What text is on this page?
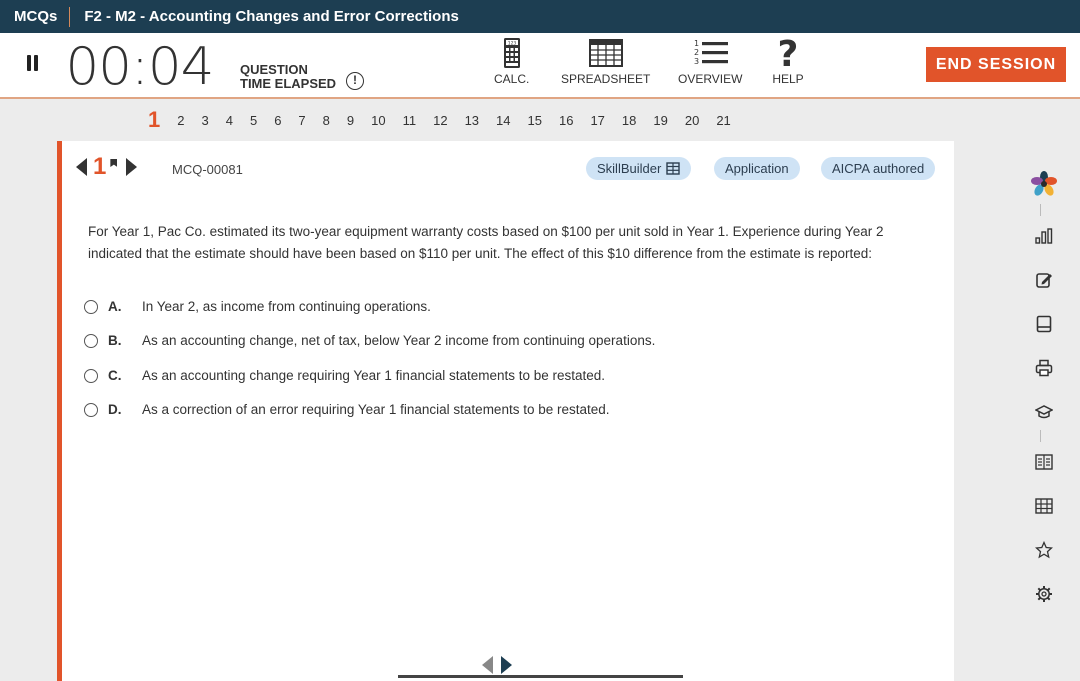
MCQs	F2 - M2 - Accounting Changes and Error Corrections
00:04 QUESTION
TIME ELAPSED	!
123
CALC.	SPREADSHEET
1
2
3
OVERVIEW
?
HELP
END SESSION
1 2 3 4 5 6 7 8 9 10 11 12 13 14 15 16 17 18 19 20 21
1	MCQ-00081	SkillBuilder	Application	AICPA authored
For Year 1, Pac Co. estimated its two-year equipment warranty costs based on $100 per unit sold in Year 1. Experience during Year 2 indicated that the estimate should have been based on $110 per unit. The effect of this $10 difference from the estimate is reported:
A.	In Year 2, as income from continuing operations.
B.	As an accounting change, net of tax, below Year 2 income from continuing operations.
C.	As an accounting change requiring Year 1 financial statements to be restated.
D.	As a correction of an error requiring Year 1 financial statements to be restated.
